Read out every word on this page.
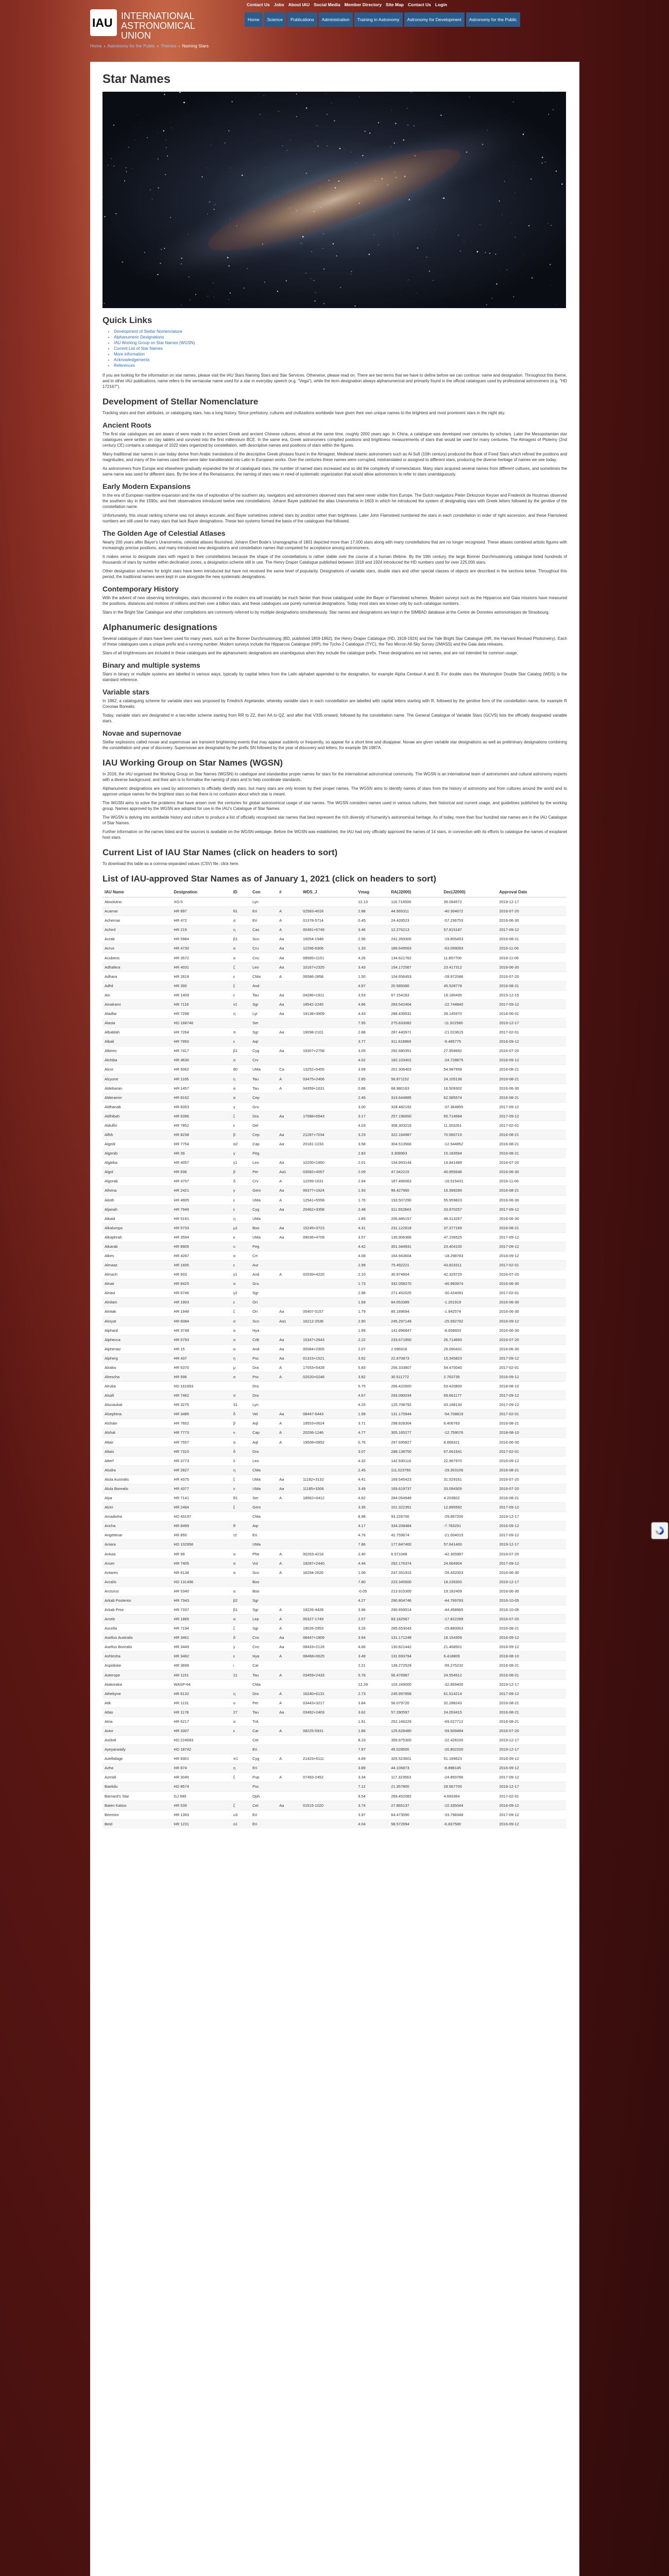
IAU INTERNATIONAL
ASTRONOMICAL
UNION
Contact Us Jobs About IAU Social Media Member Directory Site Map Contact Us Login
Home	Science	Publications	Administration	Training in Astronomy	Astronomy for Development	Astronomy for the Public
Home › Astronomy for the Public › Themes › Naming Stars
Star Names
Quick Links
• Development of Stellar Nomenclature
• Alphanumeric Designations
• IAU Working Group on Star Names (WGSN)
• Current List of Star Names
• More information
• Acknowledgements
• References

If you are looking for the information on star names, please visit the IAU Stars Naming Stars and Star Services. Otherwise, please read on. There are two terms that we have to define before we can continue: name and designation. Throughout this theme, and in other IAU publications, name refers to the vernacular name used for a star in everyday speech (e.g. "Vega"), while the term designation always alphanumerical and primarily found in the official catalogues used by professional astronomers (e.g. "HD 172167").

Development of Stellar Nomenclature

Tracking stars and their attributes, or cataloguing stars, has a long history. Since prehistory, cultures and civilizations worldwide have given their own unique names to the brightest and most prominent stars in the night sky.

Ancient Roots

The first star catalogues we are aware of were made in the ancient Greek and ancient Chinese cultures, almost at the same time, roughly 2000 years ago. In China, a catalogue was developed over centuries by scholars. Later the Mesopotamian star catalogues were written on clay tablets and survived into the first millennium BCE. In the same era, Greek astronomers compiled positions and brightness measurements of stars that would be used for many centuries. The Almagest of Ptolemy (2nd century CE) contains a catalogue of 1022 stars organized by constellation, with descriptive names and positions of stars within the figures.

Many traditional star names in use today derive from Arabic translations of the descriptive Greek phrases found in the Almagest. Medieval Islamic astronomers such as Al-Sufi (10th century) produced the Book of Fixed Stars which refined the positions and magnitudes, and many of the names used then were later transliterated into Latin in European works. Over the centuries these names were corrupted, mistranslated or assigned to different stars, producing the diverse heritage of names we see today.

As astronomers from Europe and elsewhere gradually expanded the list of catalogued stars, the number of named stars increased and so did the complexity of nomenclature. Many stars acquired several names from different cultures, and sometimes the same name was used for different stars. By the time of the Renaissance, the naming of stars was in need of systematic organization that would allow astronomers to refer to stars unambiguously.

Early Modern Expansions

In the era of European maritime expansion and the rise of exploration of the southern sky, navigators and astronomers observed stars that were never visible from Europe. The Dutch navigators Pieter Dirkszoon Keyser and Frederick de Houtman observed the southern sky in the 1590s, and their observations introduced twelve new constellations. Johann Bayer published the atlas Uranometria in 1603 in which he introduced the system of designating stars with Greek letters followed by the genitive of the constellation name.

Unfortunately, this visual ranking scheme was not always accurate, and Bayer sometimes ordered stars by position rather than brightness. Later John Flamsteed numbered the stars in each constellation in order of right ascension, and these Flamsteed numbers are still used for many stars that lack Bayer designations. These two systems formed the basis of the catalogues that followed.

The Golden Age of Celestial Atlases

Nearly 200 years after Bayer's Uranometria, celestial atlases flourished. Johann Elert Bode's Uranographia of 1801 depicted more than 17,000 stars along with many constellations that are no longer recognised. These atlases combined artistic figures with increasingly precise positions, and many introduced new designations and constellation names that competed for acceptance among astronomers.

It makes sense to designate stars with regard to their constellations because the shape of the constellations is rather stable over the course of a human lifetime. By the 19th century, the large Bonner Durchmusterung catalogue listed hundreds of thousands of stars by number within declination zones, a designation scheme still in use. The Henry Draper Catalogue published between 1918 and 1924 introduced the HD numbers used for over 225,000 stars.

Other designation schemes for bright stars have been introduced but have not received the same level of popularity. Designations of variable stars, double stars and other special classes of objects are described in the sections below. Throughout this period, the traditional names were kept in use alongside the new systematic designations.

Contemporary History

With the advent of new observing technologies, stars discovered in the modern era will invariably be much fainter than those catalogued under the Bayer or Flamsteed schemes. Modern surveys such as the Hipparcos and Gaia missions have measured the positions, distances and motions of millions and then over a billion stars, and these catalogues use purely numerical designations. Today most stars are known only by such catalogue numbers.

Stars in the Bright Star Catalogue and other compilations are commonly referred to by multiple designations simultaneously. Star names and designations are kept in the SIMBAD database at the Centre de Données astronomiques de Strasbourg.

Alphanumeric designations

Several catalogues of stars have been used for many years, such as the Bonner Durchmusterung (BD, published 1859-1862), the Henry Draper Catalogue (HD, 1918-1924) and the Yale Bright Star Catalogue (HR, the Harvard Revised Photometry). Each of these catalogues uses a unique prefix and a running number. Modern surveys include the Hipparcos Catalogue (HIP), the Tycho-2 Catalogue (TYC), the Two Micron All-Sky Survey (2MASS) and the Gaia data releases.

Stars of all brightnesses are included in these catalogues and the alphanumeric designations are unambiguous when they include the catalogue prefix. These designations are not names, and are not intended for common usage.

Binary and multiple systems

Stars in binary or multiple systems are labelled in various ways, typically by capital letters from the Latin alphabet appended to the designation, for example Alpha Centauri A and B. For double stars the Washington Double Star Catalog (WDS) is the standard reference.

Variable stars

In 1862, a cataloguing scheme for variable stars was proposed by Friedrich Argelander, whereby variable stars in each constellation are labelled with capital letters starting with R, followed by the genitive form of the constellation name, for example R Coronae Borealis.

Today, variable stars are designated in a two-letter scheme starting from RR to ZZ, then AA to QZ, and after that V335 onward, followed by the constellation name. The General Catalogue of Variable Stars (GCVS) lists the officially designated variable stars.

Novae and supernovae

Stellar explosions called novae and supernovae are transient brightening events that may appear suddenly or frequently, so appear for a short time and disappear. Novae are given variable star designations as well as preliminary designations combining the constellation and year of discovery. Supernovae are designated by the prefix SN followed by the year of discovery and letters, for example SN 1987A.

IAU Working Group on Star Names (WGSN)

In 2016, the IAU organised the Working Group on Star Names (WGSN) to catalogue and standardise proper names for stars for the international astronomical community. The WGSN is an international team of astronomers and cultural astronomy experts with a diverse background, and their aim is to formalise the naming of stars and to help coordinate standards.

Alphanumeric designations are used by astronomers to officially identify stars, but many stars are only known by their proper names. The WGSN aims to identify names of stars from the history of astronomy and from cultures around the world and to approve unique names for the brightest stars so that there is no confusion about which star is meant.

The WGSN aims to solve the problems that have arisen over the centuries for global astronomical usage of star names. The WGSN considers names used in various cultures, their historical and current usage, and guidelines published by the working group. Names approved by the WGSN are adopted for use in the IAU's Catalogue of Star Names.

The WGSN is delving into worldwide history and culture to produce a list of officially recognised star names that best represent the rich diversity of humanity's astronomical heritage. As of today, more than four hundred star names are in the IAU Catalogue of Star Names.

Further information on the names listed and the sources is available on the WGSN webpage. Before the WGSN was established, the IAU had only officially approved the names of 14 stars, in connection with its efforts to catalogue the names of exoplanet host stars.

Current List of IAU Star Names (click on headers to sort)

To download this table as a comma-separated values (CSV) file, click here.

List of IAU-approved Star Names as of January 1, 2021 (click on headers to sort)
IAU Name	Designation	ID	Con	#	WDS_J	Vmag	RA(J2000)	Dec(J2000)	Approval Date
Absolutno	XO-5		Lyn			12.13	116.716506	39.094572	2019-12-17
Acamar	HR 897	θ1	Eri	A	02583-4018	2.88	44.565311	-40.304672	2016-07-20
Achernar	HR 472	α	Eri	A	01378-5714	0.45	24.428523	-57.236753	2016-06-30
Achird	HR 219	η	Cas	A	00491+5749	3.46	12.276213	57.815187	2017-09-12
Acrab	HR 5984	β1	Sco	Aa	16054-1948	2.56	241.359300	-19.805453	2016-08-21
Acrux	HR 4730	α	Cru	Aa	12266-6306	1.33	186.649563	-63.099093	2016-11-06
Acubens	HR 3572	α	Cnc	Aa	08585+1151	4.26	134.621762	11.857700	2016-11-06
Adhafera	HR 4031	ζ	Leo	Aa	10167+2325	3.43	154.172567	23.417312	2016-06-30
Adhara	HR 2618	ε	CMa	A	06586-2858	1.50	104.656453	-28.972086	2016-07-20
Adhil	HR 390	ξ	And			4.87	20.585080	45.528778	2016-08-21
Ain	HR 1409	ε	Tau	Aa	04286+1911	3.53	67.154163	19.180435	2015-12-15
Ainalrami	HR 7116	ν1	Sgr	Aa	18542-2245	4.86	283.542404	-22.744840	2017-09-12
Aladfar	HR 7298	η	Lyr	Aa	19138+3909	4.43	288.439531	39.145970	2018-06-01
Alasia	HD 168746		Ser			7.95	275.833082	-11.922580	2019-12-17
Albaldah	HR 7264	π	Sgr	Aa	19098-2101	2.88	287.440971	-21.023615	2017-02-01
Albali	HR 7950	ε	Aqr			3.77	311.918969	-9.495775	2016-09-12
Albireo	HR 7417	β1	Cyg	Aa	19307+2758	3.05	292.680351	27.959692	2016-07-20
Alchiba	HR 4630	α	Crv			4.02	182.103402	-24.728875	2016-09-12
Alcor	HR 5062	80	UMa	Ca	13252+5455	3.99	201.306403	54.987958	2016-08-21
Alcyone	HR 1165	η	Tau	A	03475+2406	2.85	56.871152	24.105136	2016-08-21
Aldebaran	HR 1457	α	Tau	A	04359+1631	0.86	68.980163	16.509302	2016-06-30
Alderamin	HR 8162	α	Cep			2.45	319.644885	62.585574	2016-08-21
Aldhanab	HR 8353	γ	Gru			3.00	328.482192	-37.364855	2017-09-12
Aldhibah	HR 6396	ζ	Dra	Aa	17088+6543	3.17	257.196650	65.714684	2017-09-12
Aldulfin	HR 7852	ε	Del			4.03	308.303216	11.303261	2017-02-01
Alfirk	HR 8238	β	Cep	Aa	21287+7034	3.23	322.164987	70.560715	2016-08-21
Algedi	HR 7754	α2	Cap	Aa	20181-1233	3.58	304.513566	-12.544852	2016-08-21
Algenib	HR 39	γ	Peg			2.83	3.308963	15.183594	2016-08-21
Algieba	HR 4057	γ1	Leo	Aa	10200+1950	2.01	154.993144	19.841489	2016-07-20
Algol	HR 936	β	Per	Aa1	03082+4057	2.09	47.042215	40.955648	2016-06-30
Algorab	HR 4757	δ	Crv	A	12299-1631	2.94	187.466063	-16.515431	2016-11-06
Alhena	HR 2421	γ	Gem	Aa	06377+1624	1.93	99.427960	16.399280	2016-08-21
Alioth	HR 4905	ε	UMa	A	12541+5558	1.76	193.507290	55.959823	2016-06-30
Aljanah	HR 7949	ε	Cyg	Aa	20462+3358	2.48	311.552843	33.970257	2017-09-12
Alkaid	HR 5191	η	UMa			1.85	206.885157	49.313267	2016-06-30
Alkalurops	HR 5733	μ1	Boo	Aa	15245+3723	4.31	231.122618	37.377169	2016-08-21
Alkaphrah	HR 3594	κ	UMa	Aa	09036+4709	3.57	135.906366	47.156525	2017-09-12
Alkarab	HR 8905	υ	Peg			4.42	351.344931	23.404100	2017-09-12
Alkes	HR 4287	α	Crt			4.08	164.943604	-18.298783	2016-09-12
Almaaz	HR 1605	ε	Aur			2.99	75.492221	43.823311	2017-02-01
Almach	HR 603	γ1	And	A	02039+4220	2.10	30.974804	42.329725	2016-07-20
Alnair	HR 8425	α	Gru			1.73	332.058270	-46.960974	2016-06-30
Alnasl	HR 6746	γ2	Sgr			2.98	271.452025	-30.424091	2017-02-01
Alnilam	HR 1903	ε	Ori			1.69	84.053389	-1.201919	2016-06-30
Alnitak	HR 1948	ζ	Ori	Aa	05407-0157	1.79	85.189694	-1.942574	2016-06-30
Alniyat	HR 6084	σ	Sco	Aa1	16212-2536	2.90	245.297149	-25.592792	2016-09-12
Alphard	HR 3748	α	Hya			1.99	141.896847	-8.658603	2016-06-30
Alphecca	HR 5793	α	CrB	Aa	15347+2643	2.22	233.671950	26.714693	2016-07-20
Alpheratz	HR 15	α	And	Aa	00084+2905	2.07	2.096916	29.090431	2016-06-30
Alpherg	HR 437	η	Psc	Aa	01315+1521	3.62	22.870873	15.345823	2017-09-12
Alrakis	HR 6370	μ	Dra	A	17053+5428	5.83	256.333807	54.470040	2017-02-01
Alrescha	HR 596	α	Psc	A	02020+0246	3.82	30.511772	2.763735	2016-09-12
Alruba	HD 161693		Dra			5.75	266.422600	53.420800	2018-08-10
Alsafi	HR 7462	σ	Dra			4.67	293.090034	69.661177	2017-09-12
Alsciaukat	HR 3275	31	Lyn			4.25	125.708792	43.188130	2017-09-12
Alsephina	HR 3485	δ	Vel	Aa	08447-5443	1.99	131.175944	-54.708819	2017-02-01
Alshain	HR 7602	β	Aql	A	19553+0624	3.71	298.828304	6.406763	2016-08-21
Alshat	HR 7773	ν	Cap	A	20206-1246	4.77	305.165277	-12.759076	2018-08-10
Altair	HR 7557	α	Aql	A	19508+0852	0.76	297.695827	8.868321	2016-06-30
Altais	HR 7310	δ	Dra			3.07	288.138750	67.661541	2017-02-01
Alterf	HR 3773	λ	Leo			4.32	142.930116	22.967970	2016-09-12
Aludra	HR 2827	η	CMa			2.45	111.023760	-29.303106	2016-08-21
Alula Australis	HR 4375	ξ	UMa	Aa	11182+3132	4.41	169.545423	31.529161	2016-07-20
Alula Borealis	HR 4377	ν	UMa	Aa	11185+3306	3.49	169.619737	33.094305	2016-07-20
Alya	HR 7141	θ1	Ser	A	18562+0412	4.62	284.054949	4.203602	2016-08-21
Alzirr	HR 2484	ξ	Gem			3.35	101.322351	12.895592	2017-09-12
Amadioha	HD 43197		CMa			8.98	93.226700	-29.897200	2019-12-17
Ancha	HR 8499	θ	Aqr			4.17	334.208484	-7.783291	2016-09-12
Angetenar	HR 850	τ2	Eri			4.76	42.759674	-21.004015	2017-09-12
Aniara	HD 102956		UMa			7.86	177.847400	57.641400	2019-12-17
Ankaa	HR 99	α	Phe	A	00263-4218	2.40	6.571048	-42.305987	2016-07-20
Anser	HR 7405	α	Vul	A	19287+2440	4.44	292.176374	24.664904	2017-09-12
Antares	HR 6134	α	Sco	A	16294-2626	1.06	247.351915	-26.432003	2016-06-30
Arcalís	HD 131496		Boo			7.80	223.345600	18.235300	2019-12-17
Arcturus	HR 5340	α	Boo			-0.05	213.915300	19.182409	2016-06-30
Arkab Posterior	HR 7343	β2	Sgr			4.27	290.804746	-44.799783	2016-10-05
Arkab Prior	HR 7337	β1	Sgr	A	19226-4428	3.96	290.659514	-44.458965	2016-10-05
Arneb	HR 1865	α	Lep	A	05327-1749	2.57	83.182567	-17.822289	2016-07-20
Ascella	HR 7194	ζ	Sgr	A	19026-2953	3.26	285.653043	-29.880063	2016-08-21
Asellus Australis	HR 3461	δ	Cnc	Aa	08447+1809	3.94	131.171248	18.154309	2016-09-12
Asellus Borealis	HR 3449	γ	Cnc	Aa	08433+2128	4.66	130.821442	21.468501	2016-09-12
Ashlesha	HR 3482	ε	Hya	A	08468+0625	3.49	131.693794	6.418809	2018-08-10
Aspidiske	HR 3699	ι	Car			2.21	139.272529	-59.275232	2016-08-21
Asterope	HR 1151	21	Tau	A	03459+2433	5.76	56.476987	24.554512	2016-08-21
Atakoraka	WASP-64		CMa			12.29	103.249000	-32.859400	2019-12-17
Athebyne	HR 6132	η	Dra	A	16240+6131	2.73	245.997858	61.514214	2017-09-12
Atik	HR 1131	ο	Per	A	03443+3217	3.84	56.079720	32.288243	2016-08-21
Atlas	HR 1178	27	Tau	Aa	03492+2403	3.62	57.290597	24.053415	2016-08-21
Atria	HR 6217	α	TrA			1.91	252.166229	-69.027712	2016-08-21
Avior	HR 3307	ε	Car	A	08225-5931	1.86	125.628480	-59.509484	2016-07-20
Axólotl	HD 224693		Cet			8.23	359.975300	-22.428100	2019-12-17
Ayeyarwady	HD 18742		Eri			7.97	45.028500	-20.802200	2019-12-17
Azelfafage	HR 8301	π1	Cyg	A	21423+5111	4.69	325.523601	51.189623	2016-09-12
Azha	HR 874	η	Eri			3.89	44.106873	-8.898145	2016-09-12
Azmidi	HR 3045	ξ	Pup	A	07493-2452	3.34	117.323563	-24.859786	2017-09-12
Baekdu	HD 8574		Psc			7.12	21.357800	28.567700	2019-12-17
Barnard's Star	GJ 699		Oph			9.54	269.452082	4.693364	2017-02-01
Baten Kaitos	HR 539	ζ	Cet	Aa	01515-1020	3.74	27.865137	-10.335044	2016-09-12
Beemim	HR 1393	υ3	Eri			3.97	64.473590	-33.798348	2017-09-12
Beid	HR 1231	ο1	Eri			4.04	58.572994	-6.837580	2016-09-12
